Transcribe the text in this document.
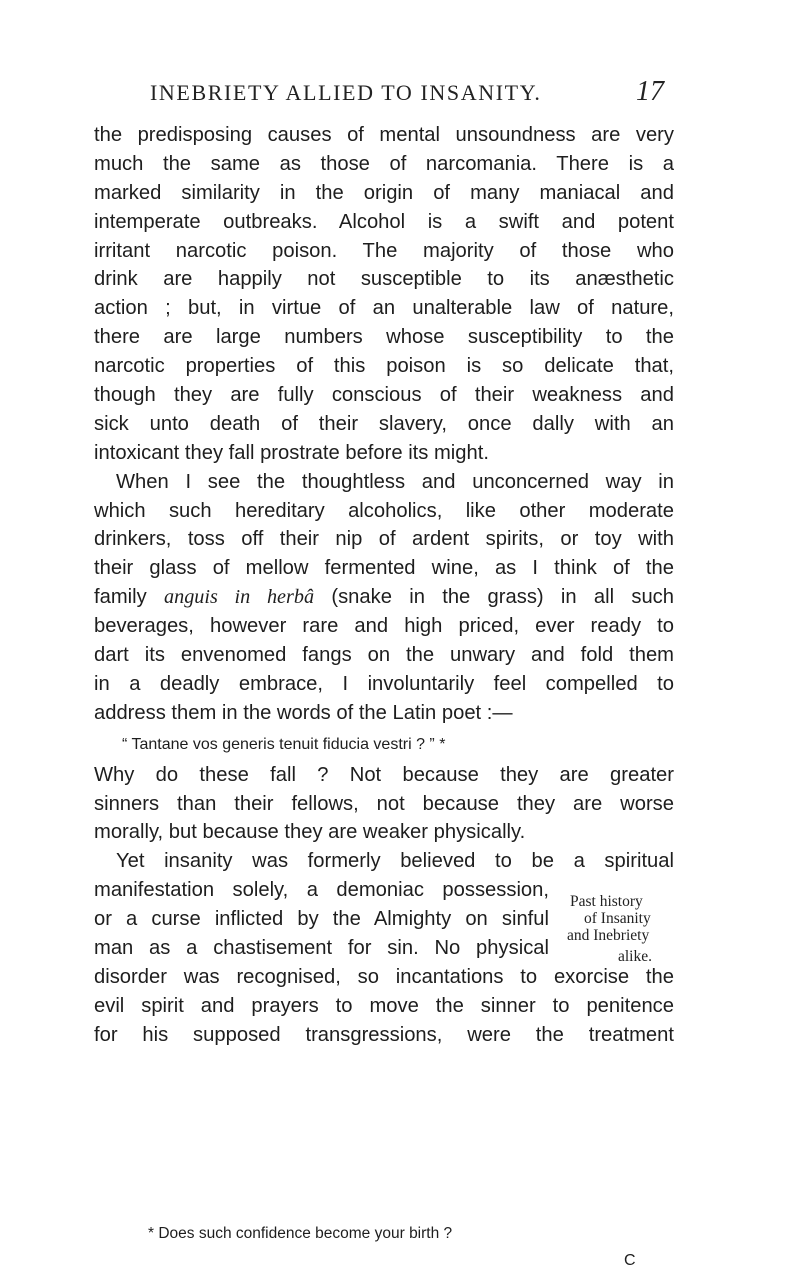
INEBRIETY ALLIED TO INSANITY.	17
the predisposing causes of mental unsoundness are very
much the same as those of narcomania. There is a
marked similarity in the origin of many maniacal and
intemperate outbreaks. Alcohol is a swift and potent
irritant narcotic poison. The majority of those who
drink are happily not susceptible to its anæsthetic
action ; but, in virtue of an unalterable law of nature,
there are large numbers whose susceptibility to the
narcotic properties of this poison is so delicate that,
though they are fully conscious of their weakness and
sick unto death of their slavery, once dally with an
intoxicant they fall prostrate before its might.
When I see the thoughtless and unconcerned way in
which such hereditary alcoholics, like other moderate
drinkers, toss off their nip of ardent spirits, or toy with
their glass of mellow fermented wine, as I think of the
family anguis in herbâ (snake in the grass) in all such
beverages, however rare and high priced, ever ready to
dart its envenomed fangs on the unwary and fold them
in a deadly embrace, I involuntarily feel compelled to
address them in the words of the Latin poet :—
“ Tantane vos generis tenuit fiducia vestri ? ” *
Why do these fall ? Not because they are greater
sinners than their fellows, not because they are worse
morally, but because they are weaker physically.
Yet insanity was formerly believed to be a spiritual
manifestation solely, a demoniac possession,
or a curse inflicted by the Almighty on sinful
man as a chastisement for sin. No physical
disorder was recognised, so incantations to exorcise the
evil spirit and prayers to move the sinner to penitence
for his supposed transgressions, were the treatment
Past history
of Insanity
and Inebriety
alike.
* Does such confidence become your birth ?
C
